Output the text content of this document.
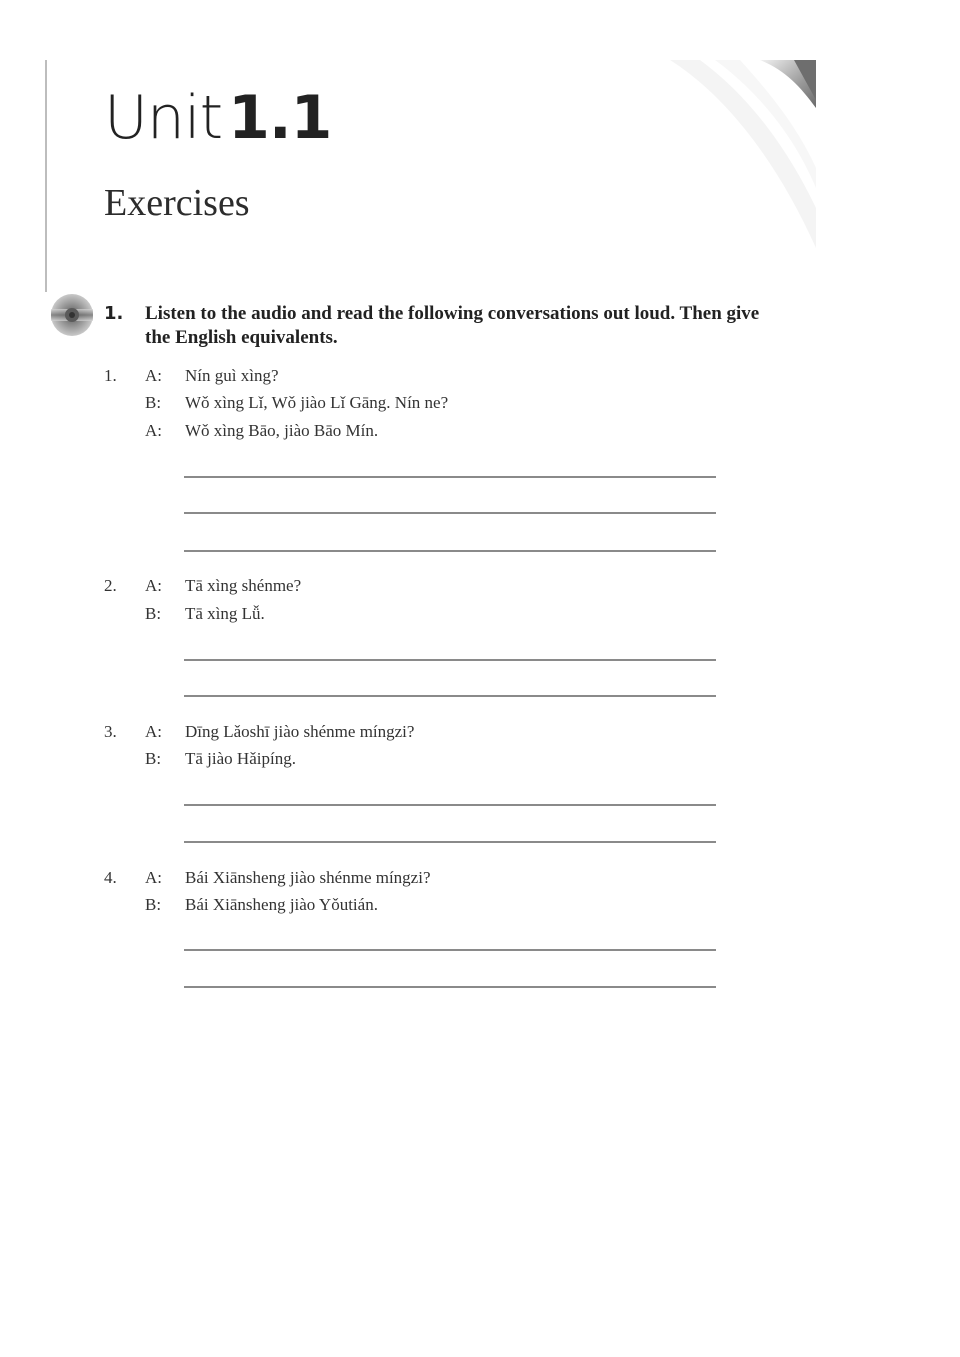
Unit 1.1
Exercises
1. Listen to the audio and read the following conversations out loud. Then give the English equivalents.
1.	A:	Nín guì xìng?
B:	Wǒ xìng Lǐ, Wǒ jiào Lǐ Gāng. Nín ne?
A:	Wǒ xìng Bāo, jiào Bāo Mín.
2.	A:	Tā xìng shénme?
B:	Tā xìng Lǚ.
3.	A:	Dīng Lǎoshī jiào shénme míngzi?
B:	Tā jiào Hǎipíng.
4.	A:	Bái Xiānsheng jiào shénme míngzi?
B:	Bái Xiānsheng jiào Yǒutián.
